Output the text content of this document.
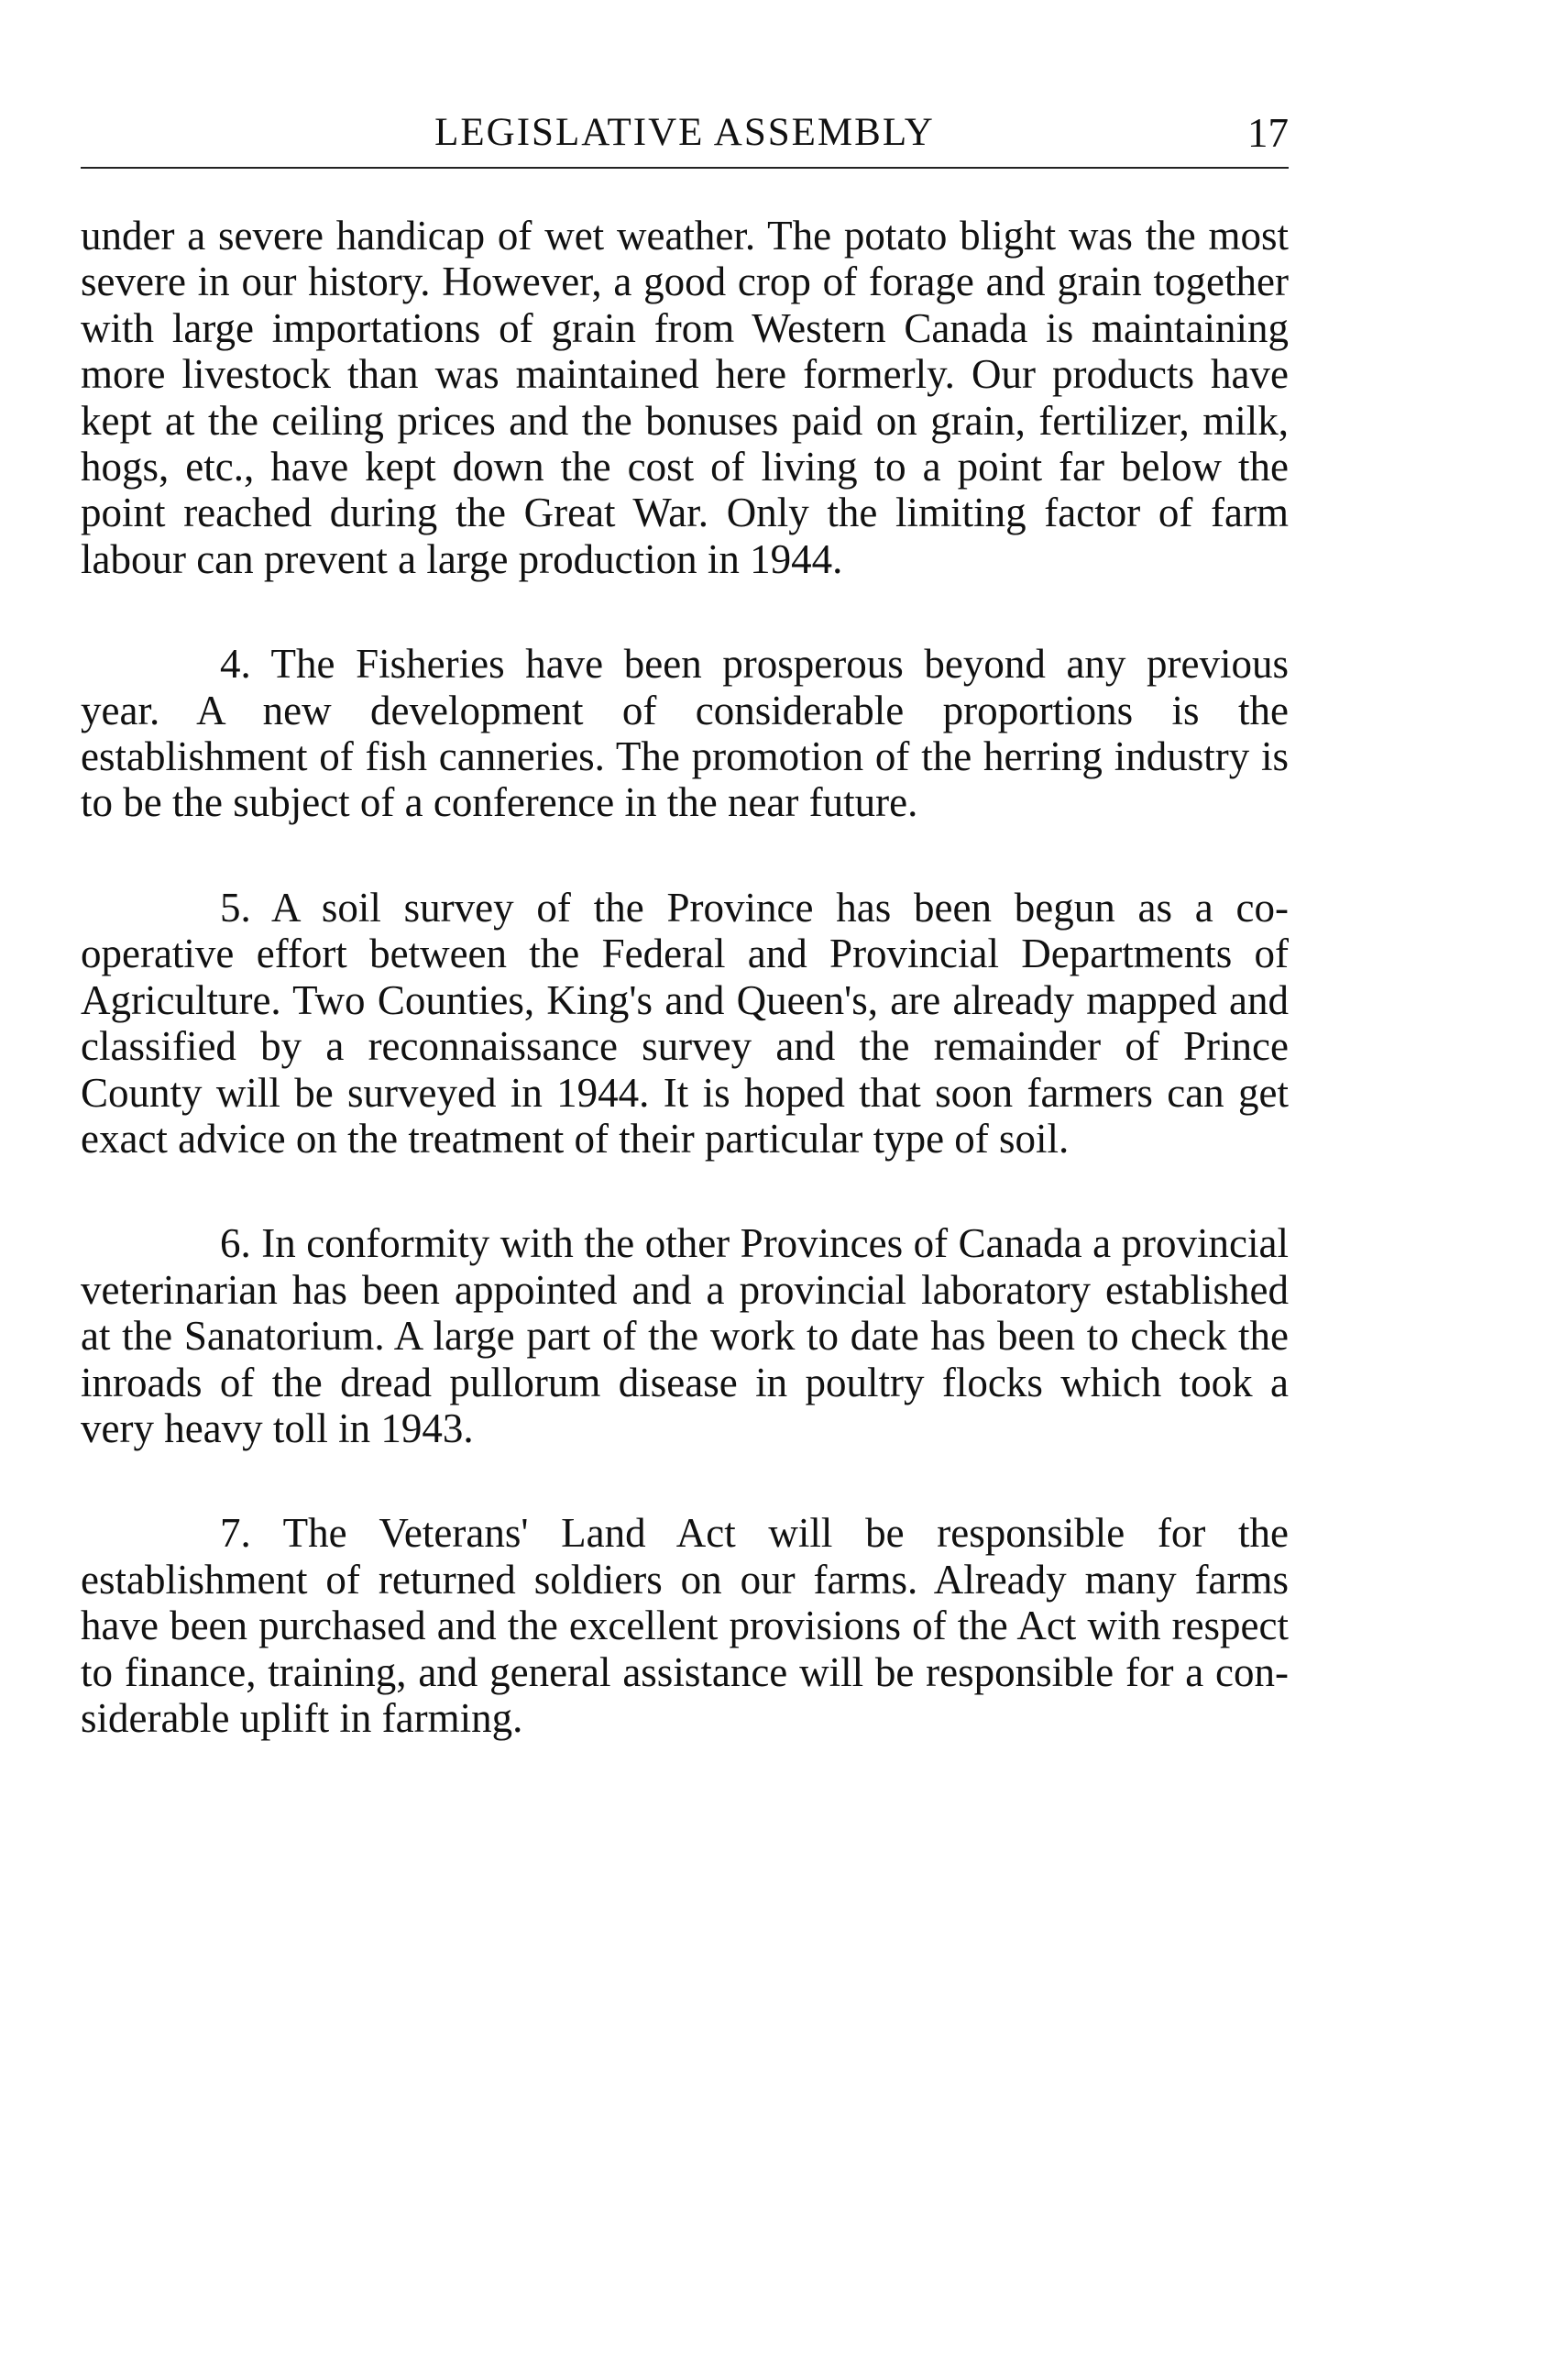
LEGISLATIVE ASSEMBLY	17

under a severe handicap of wet weather. The potato blight was the most severe in our history. However, a good crop of forage and grain together with large importations of grain from Western Canada is maintaining more livestock than was maintained here formerly. Our products have kept at the ceiling prices and the bonuses paid on grain, fertilizer, milk, hogs, etc., have kept down the cost of living to a point far below the point reached during the Great War. Only the limiting factor of farm labour can prevent a large production in 1944.

4. The Fisheries have been prosperous beyond any previous year. A new development of considerable proportions is the establishment of fish canneries. The promotion of the herring industry is to be the subject of a conference in the near future.

5. A soil survey of the Province has been begun as a co-operative effort between the Federal and Provincial Departments of Agriculture. Two Counties, King's and Queen's, are already mapped and classified by a reconnaissance survey and the remainder of Prince County will be surveyed in 1944. It is hoped that soon farmers can get exact advice on the treatment of their particular type of soil.

6. In conformity with the other Provinces of Canada a provincial veterinarian has been appointed and a provincial laboratory established at the Sanatorium. A large part of the work to date has been to check the inroads of the dread pullorum disease in poultry flocks which took a very heavy toll in 1943.

7. The Veterans' Land Act will be responsible for the establishment of returned soldiers on our farms. Already many farms have been purchased and the excellent provisions of the Act with respect to finance, training, and general assistance will be responsible for a considerable uplift in farming.
